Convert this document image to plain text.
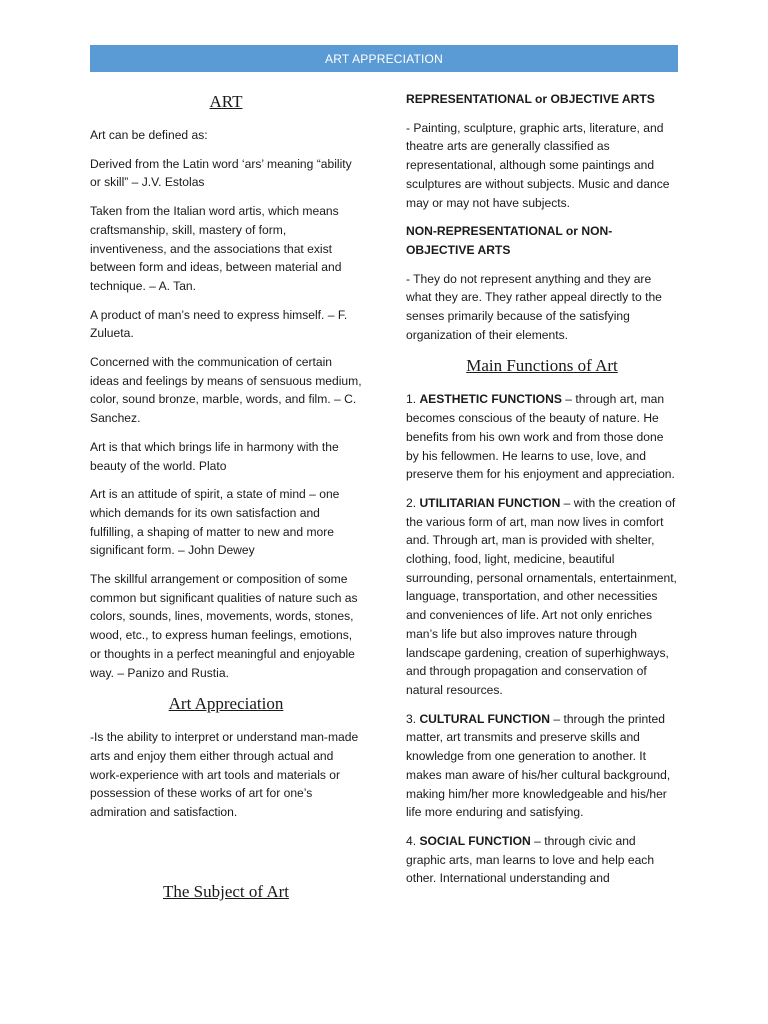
ART APPRECIATION
ART

Art can be defined as:

Derived from the Latin word ‘ars’ meaning “ability or skill” – J.V. Estolas

Taken from the Italian word artis, which means craftsmanship, skill, mastery of form, inventiveness, and the associations that exist between form and ideas, between material and technique. – A. Tan.

A product of man’s need to express himself. – F. Zulueta.

Concerned with the communication of certain ideas and feelings by means of sensuous medium, color, sound bronze, marble, words, and film. – C. Sanchez.

Art is that which brings life in harmony with the beauty of the world. Plato

Art is an attitude of spirit, a state of mind – one which demands for its own satisfaction and fulfilling, a shaping of matter to new and more significant form. – John Dewey

The skillful arrangement or composition of some common but significant qualities of nature such as colors, sounds, lines, movements, words, stones, wood, etc., to express human feelings, emotions, or thoughts in a perfect meaningful and enjoyable way. – Panizo and Rustia.

Art Appreciation

-Is the ability to interpret or understand man-made arts and enjoy them either through actual and work-experience with art tools and materials or possession of these works of art for one’s admiration and satisfaction.

The Subject of Art

REPRESENTATIONAL or OBJECTIVE ARTS

- Painting, sculpture, graphic arts, literature, and theatre arts are generally classified as representational, although some paintings and sculptures are without subjects. Music and dance may or may not have subjects.

NON-REPRESENTATIONAL or NON-OBJECTIVE ARTS

- They do not represent anything and they are what they are. They rather appeal directly to the senses primarily because of the satisfying organization of their elements.

Main Functions of Art

1. AESTHETIC FUNCTIONS – through art, man becomes conscious of the beauty of nature. He benefits from his own work and from those done by his fellowmen. He learns to use, love, and preserve them for his enjoyment and appreciation.

2. UTILITARIAN FUNCTION – with the creation of the various form of art, man now lives in comfort and. Through art, man is provided with shelter, clothing, food, light, medicine, beautiful surrounding, personal ornamentals, entertainment, language, transportation, and other necessities and conveniences of life. Art not only enriches man’s life but also improves nature through landscape gardening, creation of superhighways, and through propagation and conservation of natural resources.

3. CULTURAL FUNCTION – through the printed matter, art transmits and preserve skills and knowledge from one generation to another. It makes man aware of his/her cultural background, making him/her more knowledgeable and his/her life more enduring and satisfying.

4. SOCIAL FUNCTION – through civic and graphic arts, man learns to love and help each other. International understanding and
